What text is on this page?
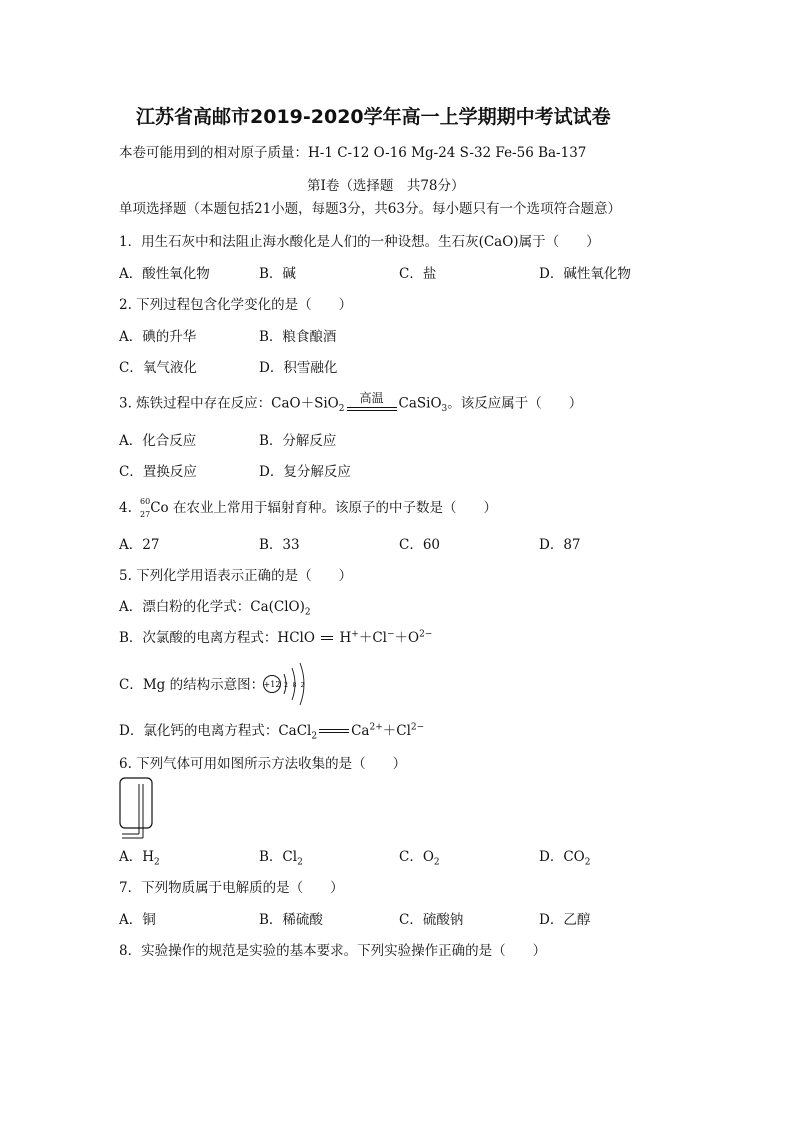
江苏省高邮市2019-2020学年高一上学期期中考试试卷
本卷可能用到的相对原子质量：H-1 C-12 O-16 Mg-24 S-32 Fe-56 Ba-137
第Ⅰ卷（选择题　共78分）
单项选择题（本题包括21小题，每题3分，共63分。每小题只有一个选项符合题意）
1．用生石灰中和法阻止海水酸化是人们的一种设想。生石灰(CaO)属于（　　）
A．酸性氧化物	B．碱	C．盐	D．碱性氧化物
2. 下列过程包含化学变化的是（　　）
A．碘的升华	B．粮食酿酒
C．氧气液化	D．积雪融化
3. 炼铁过程中存在反应：CaO＋SiO$_2$
高温	CaSiO$_3$。该反应属于（　　）
A．化合反应	B．分解反应
C．置换反应	D．复分解反应
4. 60
27 Co 在农业上常用于辐射育种。该原子的中子数是（　　）
A．27	B．33	C．60	D．87
5. 下列化学用语表示正确的是（　　）
A．漂白粉的化学式：$Ca(ClO)_2$
B．次氯酸的电离方程式：HClO $H^++Cl^-+O^{2-}$
C．Mg 的结构示意图： +12 2 8 2
D．氯化钙的电离方程式：CaCl$_2$	$Ca^{2+}+Cl^{2-}$
6. 下列气体可用如图所示方法收集的是（　　）
A．$H_2$	B．$Cl_2$	C．$O_2$	D．$CO_2$
7．下列物质属于电解质的是（　　）
A．铜	B．稀硫酸	C．硫酸钠	D．乙醇
8．实验操作的规范是实验的基本要求。下列实验操作正确的是（　　）
